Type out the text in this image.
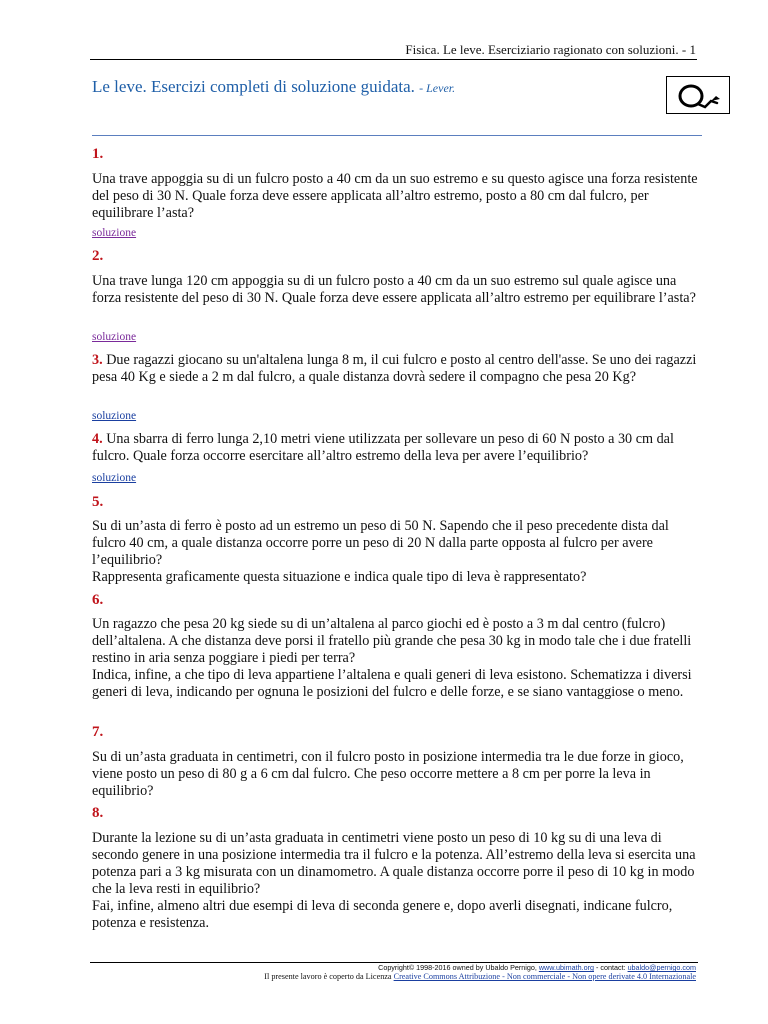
Fisica. Le leve. Eserciziario ragionato con soluzioni. - 1
Le leve. Esercizi completi di soluzione guidata. - Lever.
1.
Una trave appoggia su di un fulcro posto a 40 cm da un suo estremo e su questo agisce una forza resistente del peso di 30 N. Quale forza deve essere applicata all’altro estremo, posto a 80 cm dal fulcro, per equilibrare l’asta?
soluzione
2.
Una trave lunga 120 cm appoggia su di un fulcro posto a 40 cm da un suo estremo sul quale agisce una forza resistente del peso di 30 N. Quale forza deve essere applicata all’altro estremo per equilibrare l’asta?
soluzione
3. Due ragazzi giocano su un'altalena lunga 8 m, il cui fulcro e posto al centro dell'asse. Se uno dei ragazzi pesa 40 Kg e siede a 2 m dal fulcro, a quale distanza dovrà sedere il compagno che pesa 20 Kg?
soluzione
4. Una sbarra di ferro lunga 2,10 metri viene utilizzata per sollevare un peso di 60 N posto a 30 cm dal fulcro. Quale forza occorre esercitare all’altro estremo della leva per avere l’equilibrio?
soluzione
5.
Su di un’asta di ferro è posto ad un estremo un peso di 50 N. Sapendo che il peso precedente dista dal fulcro 40 cm, a quale distanza occorre porre un peso di 20 N dalla parte opposta al fulcro per avere l’equilibrio?
Rappresenta graficamente questa situazione e indica quale tipo di leva è rappresentato?
6.
Un ragazzo che pesa 20 kg siede su di un’altalena al parco giochi ed è posto a 3 m dal centro (fulcro) dell’altalena. A che distanza deve porsi il fratello più grande che pesa 30 kg in modo tale che i due fratelli restino in aria senza poggiare i piedi per terra?
Indica, infine, a che tipo di leva appartiene l’altalena e quali generi di leva esistono. Schematizza i diversi generi di leva, indicando per ognuna le posizioni del fulcro e delle forze, e se siano vantaggiose o meno.
7.
Su di un’asta graduata in centimetri, con il fulcro posto in posizione intermedia tra le due forze in gioco, viene posto un peso di 80 g a 6 cm dal fulcro. Che peso occorre mettere a 8 cm per porre la leva in equilibrio?
8.
Durante la lezione su di un’asta graduata in centimetri viene posto un peso di 10 kg su di una leva di secondo genere in una posizione intermedia tra il fulcro e la potenza. All’estremo della leva si esercita una potenza pari a 3 kg misurata con un dinamometro. A quale distanza occorre porre il peso di 10 kg in modo che la leva resti in equilibrio?
Fai, infine, almeno altri due esempi di leva di seconda genere e, dopo averli disegnati, indicane fulcro, potenza e resistenza.
Copyright© 1998-2016 owned by Ubaldo Pernigo, www.ubimath.org - contact: ubaldo@pernigo.com
Il presente lavoro è coperto da Licenza Creative Commons Attribuzione - Non commerciale - Non opere derivate 4.0 Internazionale
